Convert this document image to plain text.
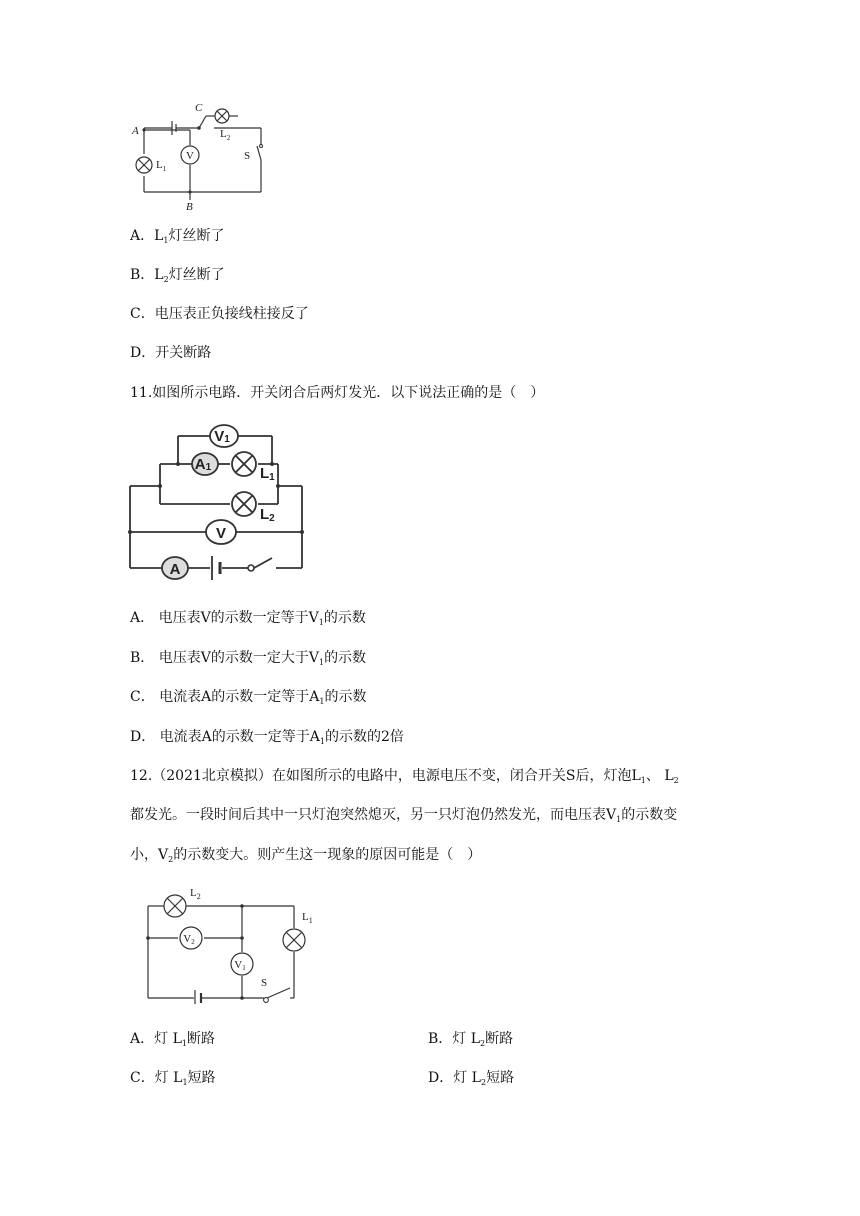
V
A
B
C
S
$L_1$
$L_2$
A．$L_1$灯丝断了
B．$L_2$灯丝断了
C．电压表正负接线柱接反了
D．开关断路
11.如图所示电路．开关闭合后两灯发光．以下说法正确的是（　）
V1
A1	L1
L2
V
A
A． 电压表V的示数一定等于$V_1$的示数
B． 电压表V的示数一定大于$V_1$的示数
C． 电流表A的示数一定等于$A_1$的示数
D． 电流表A的示数一定等于$A_1$的示数的2倍
12.（2021北京模拟）在如图所示的电路中，电源电压不变，闭合开关S后，灯泡$L_1$、 $L_2$
都发光。一段时间后其中一只灯泡突然熄灭，另一只灯泡仍然发光，而电压表$V_1$的示数变
小，$V_2$的示数变大。则产生这一现象的原因可能是（　）
$L_2$
$L_1$
V2
V1
S
A．灯 $L_1$断路	B．灯 $L_2$断路
C．灯 $L_1$短路	D．灯 $L_2$短路
